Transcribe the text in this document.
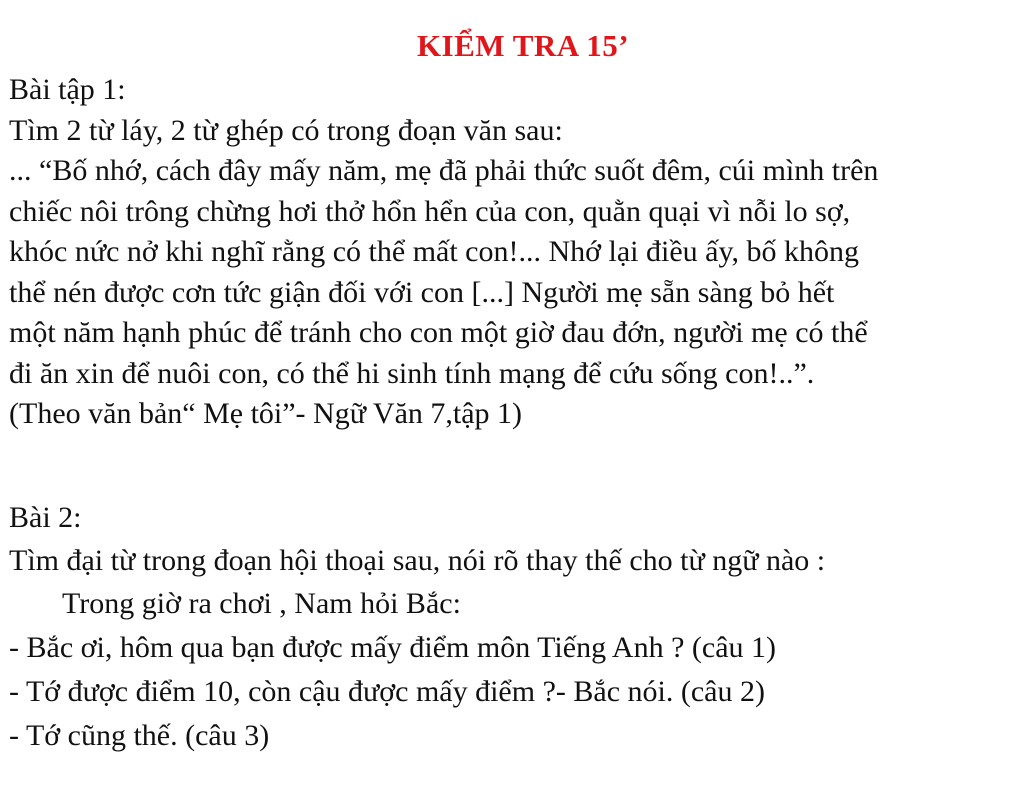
KIỂM TRA 15’
Bài tập 1:
Tìm 2 từ láy, 2 từ ghép có trong đoạn văn sau:
... “Bố nhớ, cách đây mấy năm, mẹ đã phải thức suốt đêm, cúi mình trên
chiếc nôi trông chừng hơi thở hổn hển của con, quằn quại vì nỗi lo sợ,
khóc nức nở khi nghĩ rằng có thể mất con!... Nhớ lại điều ấy, bố không
thể nén được cơn tức giận đối với con [...] Người mẹ sẵn sàng bỏ hết
một năm hạnh phúc để tránh cho con một giờ đau đớn, người mẹ có thể
đi ăn xin để nuôi con, có thể hi sinh tính mạng để cứu sống con!..”.
(Theo văn bản“ Mẹ tôi”- Ngữ Văn 7,tập 1)
Bài 2:
Tìm đại từ trong đoạn hội thoại sau, nói rõ thay thế cho từ ngữ nào :
Trong giờ ra chơi , Nam hỏi Bắc:
- Bắc ơi, hôm qua bạn được mấy điểm môn Tiếng Anh ? (câu 1)
- Tớ được điểm 10, còn cậu được mấy điểm ?- Bắc nói. (câu 2)
- Tớ cũng thế. (câu 3)
